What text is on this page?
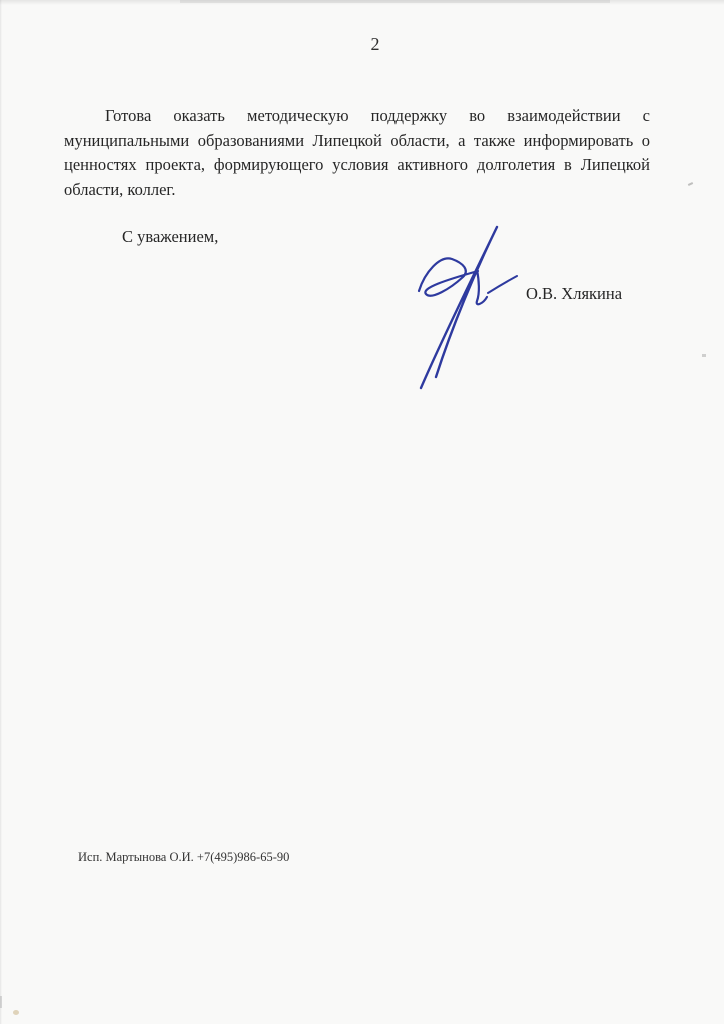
2
Готова оказать методическую поддержку во взаимодействии с
муниципальными образованиями Липецкой области, а также информировать о
ценностях проекта, формирующего условия активного долголетия в Липецкой
области, коллег.
С уважением,
О.В. Хлякина
Исп. Мартынова О.И. +7(495)986-65-90
